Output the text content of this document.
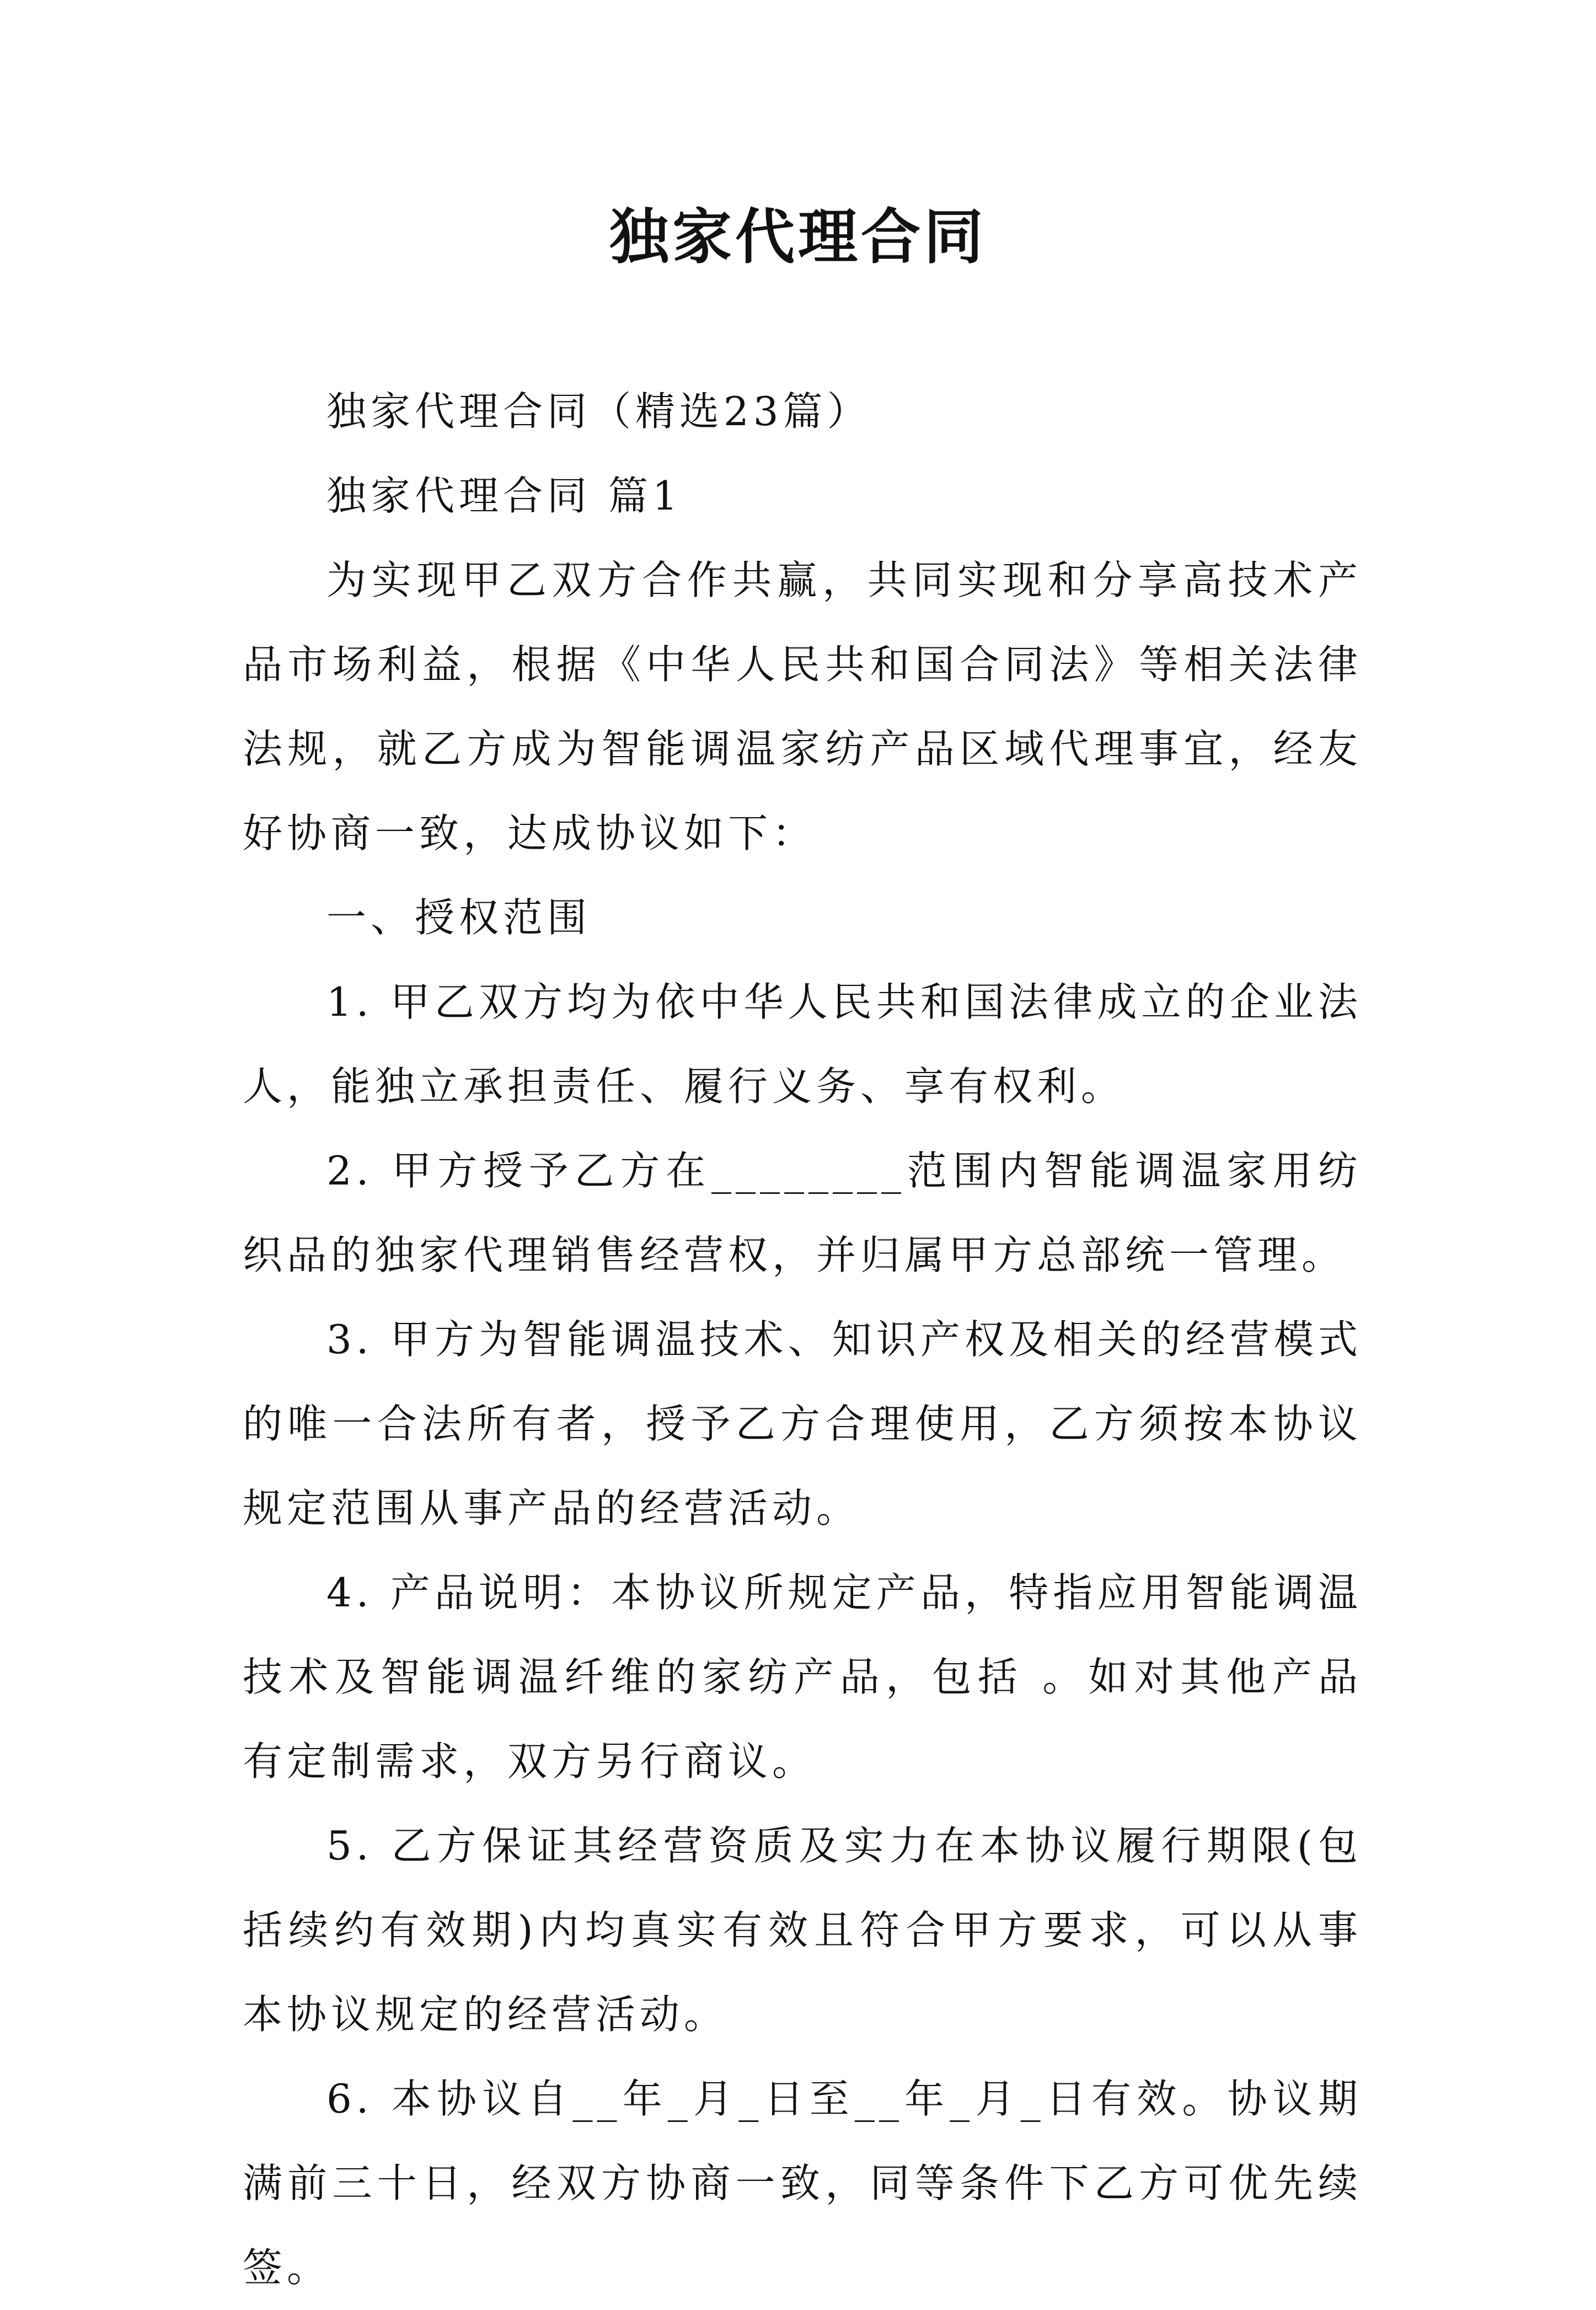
独家代理合同

独家代理合同（精选23篇）

独家代理合同 篇1

为实现甲乙双方合作共赢，共同实现和分享高技术产品市场利益，根据《中华人民共和国合同法》等相关法律法规，就乙方成为智能调温家纺产品区域代理事宜，经友好协商一致，达成协议如下：

一、授权范围

1. 甲乙双方均为依中华人民共和国法律成立的企业法人，能独立承担责任、履行义务、享有权利。

2. 甲方授予乙方在________范围内智能调温家用纺织品的独家代理销售经营权，并归属甲方总部统一管理。

3. 甲方为智能调温技术、知识产权及相关的经营模式的唯一合法所有者，授予乙方合理使用，乙方须按本协议规定范围从事产品的经营活动。

4. 产品说明：本协议所规定产品，特指应用智能调温技术及智能调温纤维的家纺产品，包括 。如对其他产品有定制需求，双方另行商议。

5. 乙方保证其经营资质及实力在本协议履行期限(包括续约有效期)内均真实有效且符合甲方要求，可以从事本协议规定的经营活动。

6. 本协议自__年_月_日至__年_月_日有效。协议期满前三十日，经双方协商一致，同等条件下乙方可优先续签。
